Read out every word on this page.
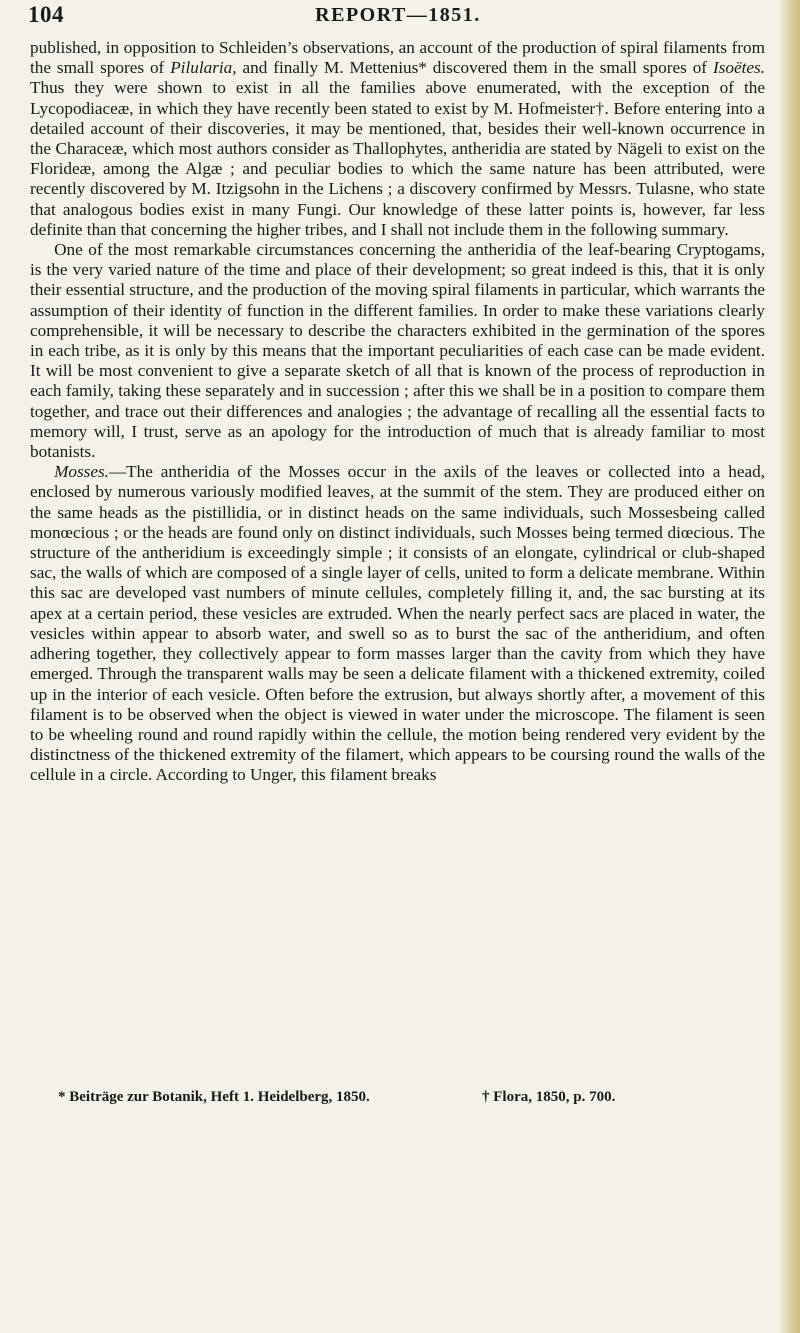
104	REPORT—1851.

published, in opposition to Schleiden’s observations, an account of the production of spiral filaments from the small spores of Pilularia, and finally M. Mettenius* discovered them in the small spores of Isoëtes. Thus they were shown to exist in all the families above enumerated, with the exception of the Lycopodiaceæ, in which they have recently been stated to exist by M. Hofmeister†. Before entering into a detailed account of their discoveries, it may be mentioned, that, besides their well-known occurrence in the Characeæ, which most authors consider as Thallophytes, antheridia are stated by Nägeli to exist on the Florideæ, among the Algæ ; and peculiar bodies to which the same nature has been attributed, were recently discovered by M. Itzigsohn in the Lichens ; a discovery confirmed by Messrs. Tulasne, who state that analogous bodies exist in many Fungi. Our knowledge of these latter points is, however, far less definite than that concerning the higher tribes, and I shall not include them in the following summary.

One of the most remarkable circumstances concerning the antheridia of the leaf-bearing Cryptogams, is the very varied nature of the time and place of their development; so great indeed is this, that it is only their essential structure, and the production of the moving spiral filaments in particular, which warrants the assumption of their identity of function in the different families. In order to make these variations clearly comprehensible, it will be necessary to describe the characters exhibited in the germination of the spores in each tribe, as it is only by this means that the important peculiarities of each case can be made evident. It will be most convenient to give a separate sketch of all that is known of the process of reproduction in each family, taking these separately and in succession ; after this we shall be in a position to compare them together, and trace out their differences and analogies ; the advantage of recalling all the essential facts to memory will, I trust, serve as an apology for the introduction of much that is already familiar to most botanists.

Mosses.—The antheridia of the Mosses occur in the axils of the leaves or collected into a head, enclosed by numerous variously modified leaves, at the summit of the stem. They are produced either on the same heads as the pistillidia, or in distinct heads on the same individuals, such Mossesbeing called monœcious ; or the heads are found only on distinct individuals, such Mosses being termed diœcious. The structure of the antheridium is exceedingly simple ; it consists of an elongate, cylindrical or club-shaped sac, the walls of which are composed of a single layer of cells, united to form a delicate membrane. Within this sac are developed vast numbers of minute cellules, completely filling it, and, the sac bursting at its apex at a certain period, these vesicles are extruded. When the nearly perfect sacs are placed in water, the vesicles within appear to absorb water, and swell so as to burst the sac of the antheridium, and often adhering together, they collectively appear to form masses larger than the cavity from which they have emerged. Through the transparent walls may be seen a delicate filament with a thickened extremity, coiled up in the interior of each vesicle. Often before the extrusion, but always shortly after, a movement of this filament is to be observed when the object is viewed in water under the microscope. The filament is seen to be wheeling round and round rapidly within the cellule, the motion being rendered very evident by the distinctness of the thickened extremity of the filamert, which appears to be coursing round the walls of the cellule in a circle. According to Unger, this filament breaks

* Beiträge zur Botanik, Heft 1. Heidelberg, 1850.	† Flora, 1850, p. 700.
